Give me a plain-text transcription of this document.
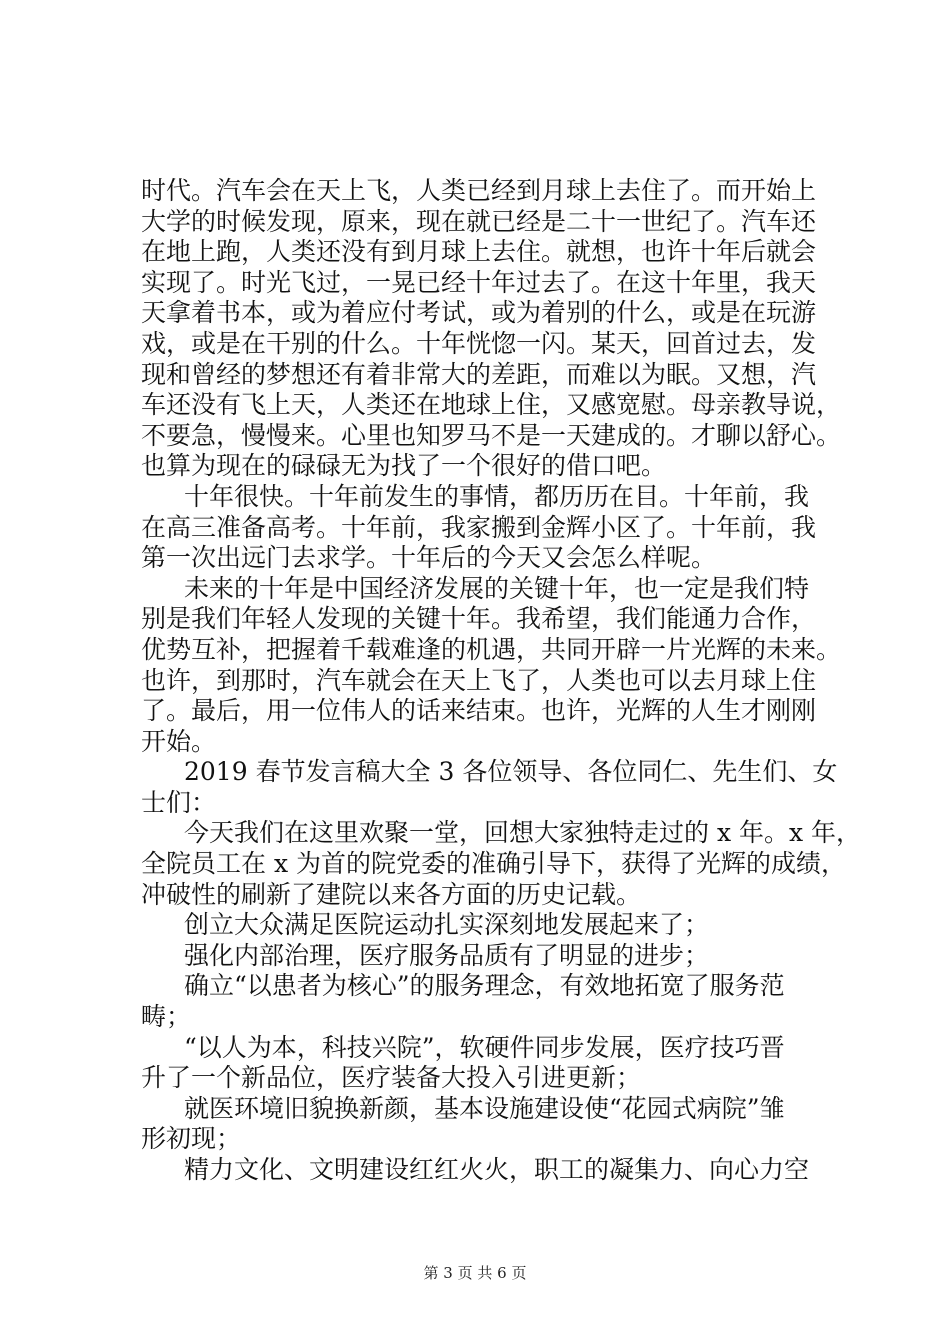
时代。汽车会在天上飞，人类已经到月球上去住了。而开始上
大学的时候发现，原来，现在就已经是二十一世纪了。汽车还
在地上跑，人类还没有到月球上去住。就想，也许十年后就会
实现了。时光飞过，一晃已经十年过去了。在这十年里，我天
天拿着书本，或为着应付考试，或为着别的什么，或是在玩游
戏，或是在干别的什么。十年恍惚一闪。某天，回首过去，发
现和曾经的梦想还有着非常大的差距，而难以为眠。又想，汽
车还没有飞上天，人类还在地球上住，又感宽慰。母亲教导说，
不要急，慢慢来。心里也知罗马不是一天建成的。才聊以舒心。
也算为现在的碌碌无为找了一个很好的借口吧。
十年很快。十年前发生的事情，都历历在目。十年前，我
在高三准备高考。十年前，我家搬到金辉小区了。十年前，我
第一次出远门去求学。十年后的今天又会怎么样呢。
未来的十年是中国经济发展的关键十年，也一定是我们特
别是我们年轻人发现的关键十年。我希望，我们能通力合作，
优势互补，把握着千载难逢的机遇，共同开辟一片光辉的未来。
也许，到那时，汽车就会在天上飞了，人类也可以去月球上住
了。最后，用一位伟人的话来结束。也许，光辉的人生才刚刚
开始。
2019 春节发言稿大全 3 各位领导、各位同仁、先生们、女
士们：
今天我们在这里欢聚一堂，回想大家独特走过的 x 年。x 年，
全院员工在 x 为首的院党委的准确引导下，获得了光辉的成绩，
冲破性的刷新了建院以来各方面的历史记载。
创立大众满足医院运动扎实深刻地发展起来了；
强化内部治理，医疗服务品质有了明显的进步；
确立“以患者为核心”的服务理念，有效地拓宽了服务范
畴；
“以人为本，科技兴院”，软硬件同步发展，医疗技巧晋
升了一个新品位，医疗装备大投入引进更新；
就医环境旧貌换新颜，基本设施建设使“花园式病院”雏
形初现；
精力文化、文明建设红红火火，职工的凝集力、向心力空
第 3 页 共 6 页
